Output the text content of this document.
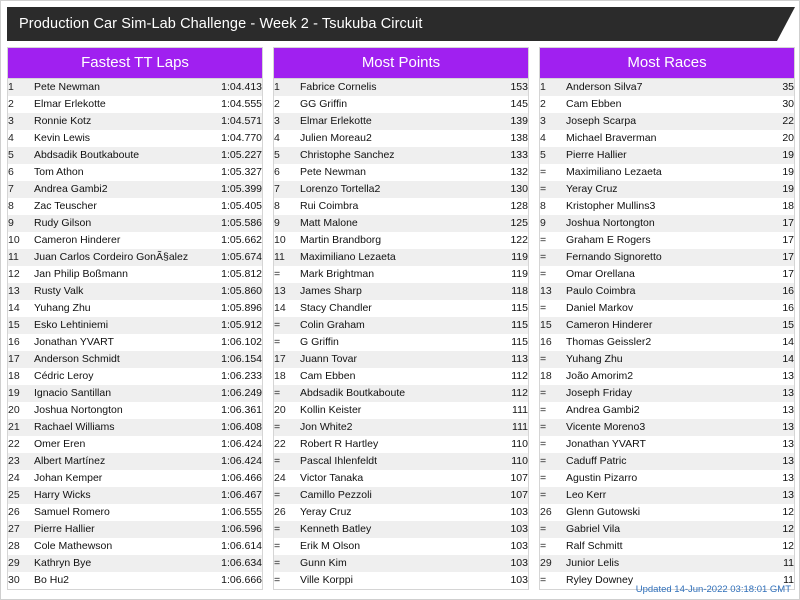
Production Car Sim-Lab Challenge - Week 2 - Tsukuba Circuit
Fastest TT Laps
1	Pete Newman	1:04.413
2	Elmar Erlekotte	1:04.555
3	Ronnie Kotz	1:04.571
4	Kevin Lewis	1:04.770
5	Abdsadik Boutkaboute	1:05.227
6	Tom Athon	1:05.327
7	Andrea Gambi2	1:05.399
8	Zac Teuscher	1:05.405
9	Rudy Gilson	1:05.586
10	Cameron Hinderer	1:05.662
11	Juan Carlos Cordeiro GonÃ§alez	1:05.674
12	Jan Philip Boßmann	1:05.812
13	Rusty Valk	1:05.860
14	Yuhang Zhu	1:05.896
15	Esko Lehtiniemi	1:05.912
16	Jonathan YVART	1:06.102
17	Anderson Schmidt	1:06.154
18	Cédric Leroy	1:06.233
19	Ignacio Santillan	1:06.249
20	Joshua Nortongton	1:06.361
21	Rachael Williams	1:06.408
22	Omer Eren	1:06.424
23	Albert Martínez	1:06.424
24	Johan Kemper	1:06.466
25	Harry Wicks	1:06.467
26	Samuel Romero	1:06.555
27	Pierre Hallier	1:06.596
28	Cole Mathewson	1:06.614
29	Kathryn Bye	1:06.634
30	Bo Hu2	1:06.666
Most Points
1	Fabrice Cornelis	153
2	GG Griffin	145
3	Elmar Erlekotte	139
4	Julien Moreau2	138
5	Christophe Sanchez	133
6	Pete Newman	132
7	Lorenzo Tortella2	130
8	Rui Coimbra	128
9	Matt Malone	125
10	Martin Brandborg	122
11	Maximiliano Lezaeta	119
=	Mark Brightman	119
13	James Sharp	118
14	Stacy Chandler	115
=	Colin Graham	115
=	G Griffin	115
17	Juann Tovar	113
18	Cam Ebben	112
=	Abdsadik Boutkaboute	112
20	Kollin Keister	111
=	Jon White2	111
22	Robert R Hartley	110
=	Pascal Ihlenfeldt	110
24	Victor Tanaka	107
=	Camillo Pezzoli	107
26	Yeray Cruz	103
=	Kenneth Batley	103
=	Erik M Olson	103
=	Gunn Kim	103
=	Ville Korppi	103
Most Races
1	Anderson Silva7	35
2	Cam Ebben	30
3	Joseph Scarpa	22
4	Michael Braverman	20
5	Pierre Hallier	19
=	Maximiliano Lezaeta	19
=	Yeray Cruz	19
8	Kristopher Mullins3	18
9	Joshua Nortongton	17
=	Graham E Rogers	17
=	Fernando Signoretto	17
=	Omar Orellana	17
13	Paulo Coimbra	16
=	Daniel Markov	16
15	Cameron Hinderer	15
16	Thomas Geissler2	14
=	Yuhang Zhu	14
18	João Amorim2	13
=	Joseph Friday	13
=	Andrea Gambi2	13
=	Vicente Moreno3	13
=	Jonathan YVART	13
=	Caduff Patric	13
=	Agustin Pizarro	13
=	Leo Kerr	13
26	Glenn Gutowski	12
=	Gabriel Vila	12
=	Ralf Schmitt	12
29	Junior Lelis	11
=	Ryley Downey	11
Updated 14-Jun-2022 03:18:01 GMT
